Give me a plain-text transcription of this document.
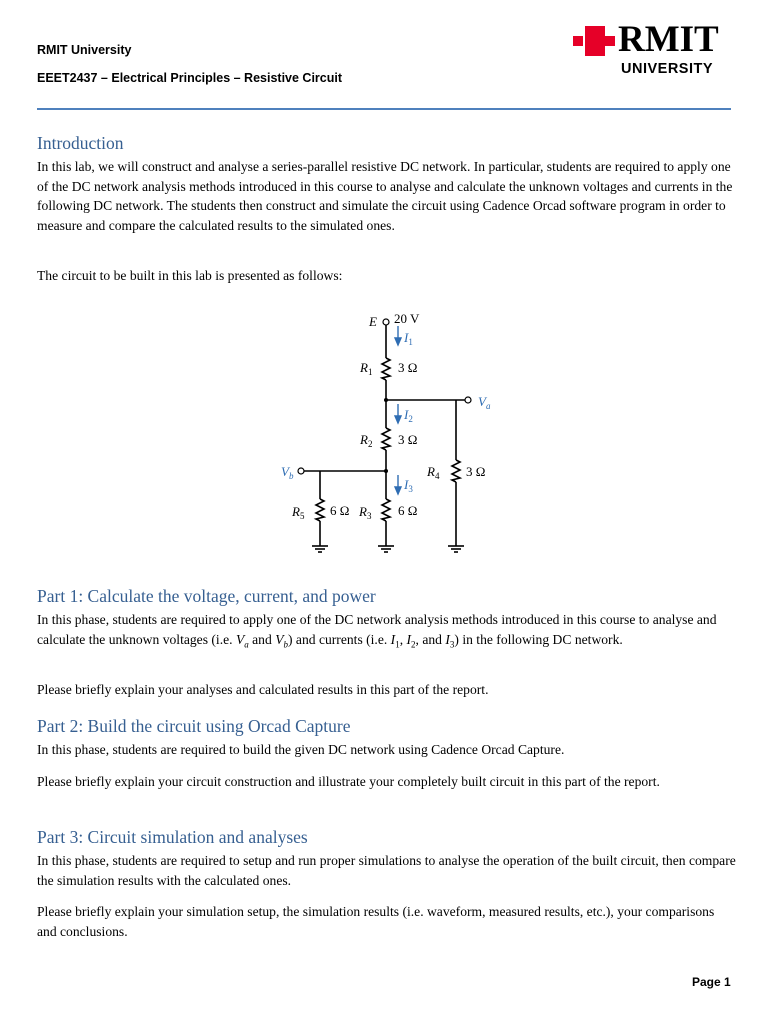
RMIT University
EEET2437 – Electrical Principles – Resistive Circuit
RMIT
UNIVERSITY
Introduction

In this lab, we will construct and analyse a series-parallel resistive DC network. In particular, students are required to apply one of the DC network analysis methods introduced in this course to analyse and calculate the unknown voltages and currents in the following DC network. The students then construct and simulate the circuit using Cadence Orcad software program in order to measure and compare the calculated results to the simulated ones.

The circuit to be built in this lab is presented as follows:

E 20 V
$I_1$
$R_1$ 3 Ω
$V_a$
$I_2$
$R_2$ 3 Ω
$V_b$	$R_4$ 3 Ω
$I_3$
$R_5$ 6 Ω $R_3$ 6 Ω
Part 1: Calculate the voltage, current, and power

In this phase, students are required to apply one of the DC network analysis methods introduced in this course to analyse and calculate the unknown voltages (i.e. $V_a$ and $V_b$) and currents (i.e. $I_1$, $I_2$, and $I_3$) in the following DC network.

Please briefly explain your analyses and calculated results in this part of the report.

Part 2: Build the circuit using Orcad Capture

In this phase, students are required to build the given DC network using Cadence Orcad Capture.

Please briefly explain your circuit construction and illustrate your completely built circuit in this part of the report.

Part 3: Circuit simulation and analyses

In this phase, students are required to setup and run proper simulations to analyse the operation of the built circuit, then compare the simulation results with the calculated ones.

Please briefly explain your simulation setup, the simulation results (i.e. waveform, measured results, etc.), your comparisons and conclusions.

Page 1
